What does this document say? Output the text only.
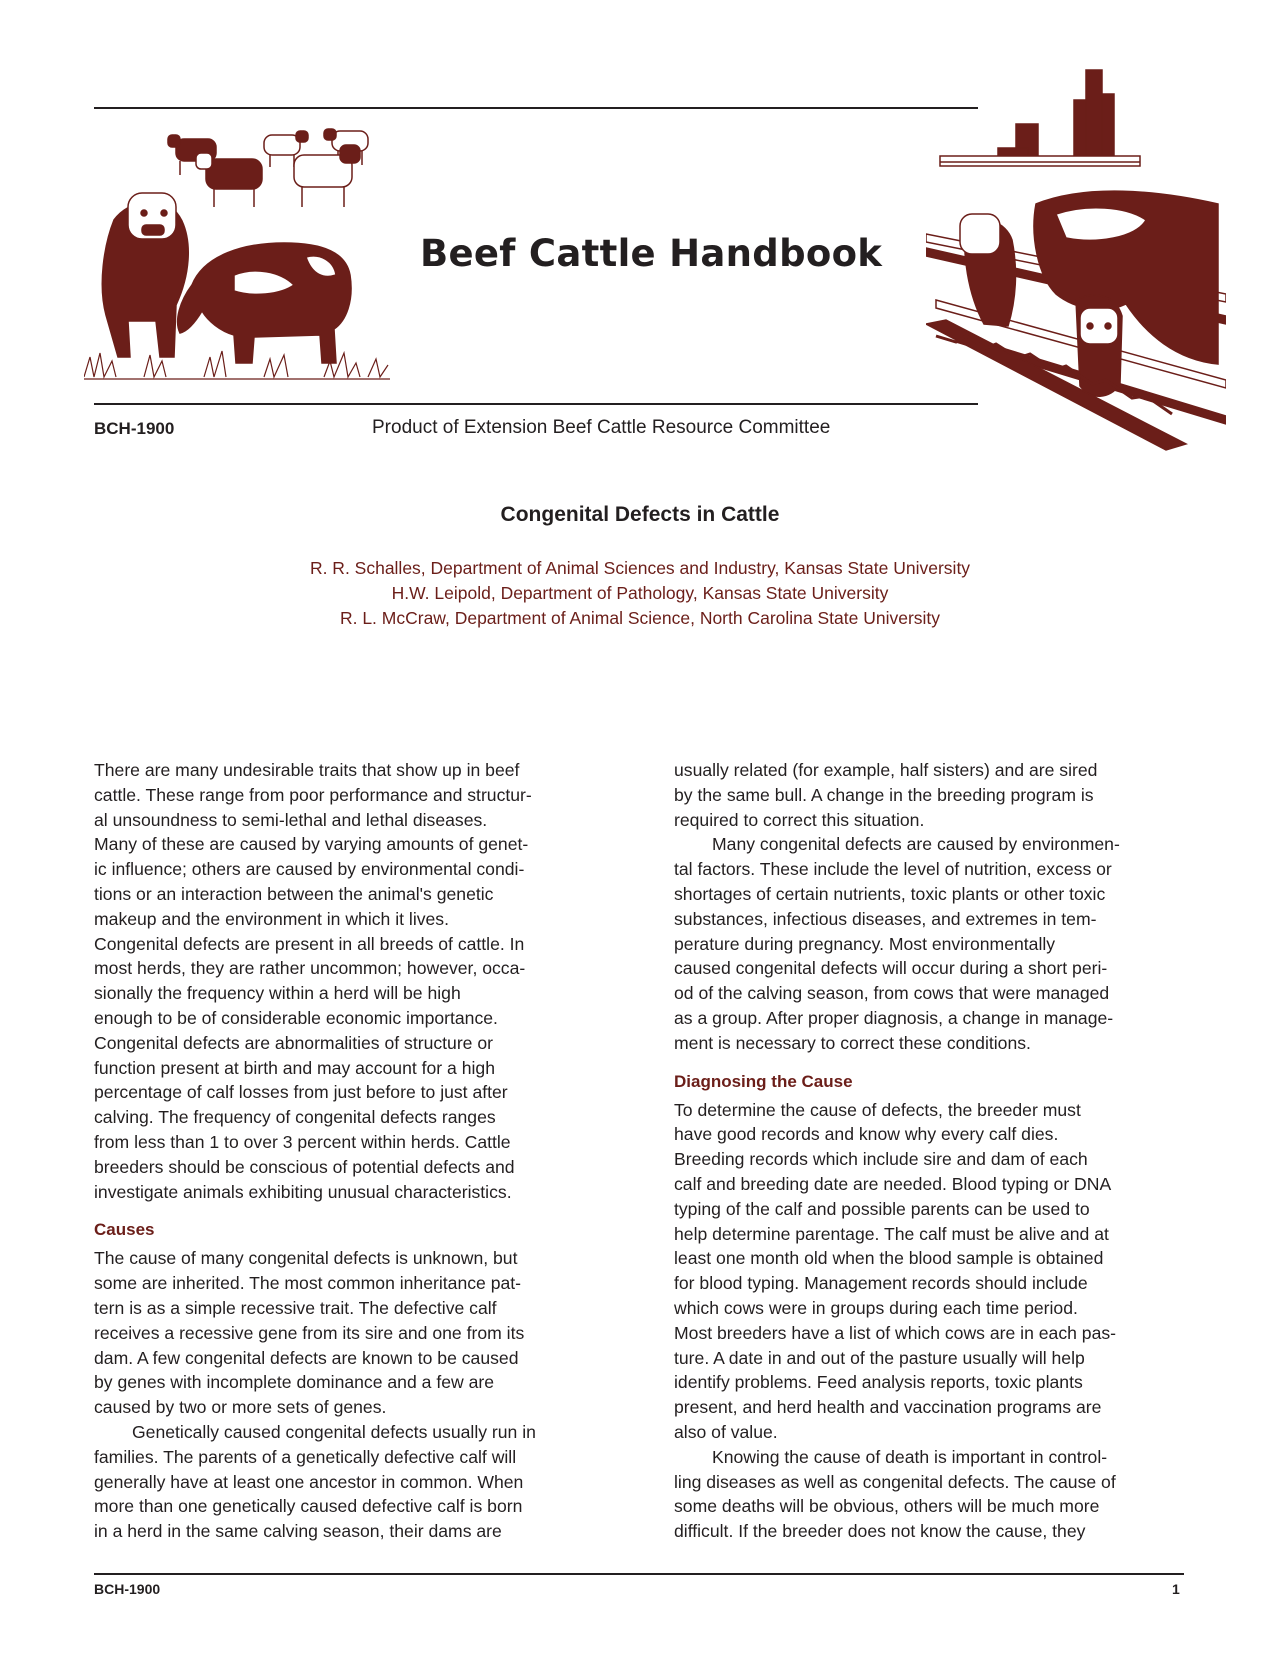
Beef Cattle Handbook
BCH-1900	Product of Extension Beef Cattle Resource Committee
Congenital Defects in Cattle
R. R. Schalles, Department of Animal Sciences and Industry, Kansas State University
H.W. Leipold, Department of Pathology, Kansas State University
R. L. McCraw, Department of Animal Science, North Carolina State University

There are many undesirable traits that show up in beef
cattle. These range from poor performance and structur-
al unsoundness to semi-lethal and lethal diseases.
Many of these are caused by varying amounts of genet-
ic influence; others are caused by environmental condi-
tions or an interaction between the animal's genetic
makeup and the environment in which it lives.
Congenital defects are present in all breeds of cattle. In
most herds, they are rather uncommon; however, occa-
sionally the frequency within a herd will be high
enough to be of considerable economic importance.
Congenital defects are abnormalities of structure or
function present at birth and may account for a high
percentage of calf losses from just before to just after
calving. The frequency of congenital defects ranges
from less than 1 to over 3 percent within herds. Cattle
breeders should be conscious of potential defects and
investigate animals exhibiting unusual characteristics.

Causes

The cause of many congenital defects is unknown, but
some are inherited. The most common inheritance pat-
tern is as a simple recessive trait. The defective calf
receives a recessive gene from its sire and one from its
dam. A few congenital defects are known to be caused
by genes with incomplete dominance and a few are
caused by two or more sets of genes.

Genetically caused congenital defects usually run in
families. The parents of a genetically defective calf will
generally have at least one ancestor in common. When
more than one genetically caused defective calf is born
in a herd in the same calving season, their dams are

usually related (for example, half sisters) and are sired
by the same bull. A change in the breeding program is
required to correct this situation.

Many congenital defects are caused by environmen-
tal factors. These include the level of nutrition, excess or
shortages of certain nutrients, toxic plants or other toxic
substances, infectious diseases, and extremes in tem-
perature during pregnancy. Most environmentally
caused congenital defects will occur during a short peri-
od of the calving season, from cows that were managed
as a group. After proper diagnosis, a change in manage-
ment is necessary to correct these conditions.

Diagnosing the Cause

To determine the cause of defects, the breeder must
have good records and know why every calf dies.
Breeding records which include sire and dam of each
calf and breeding date are needed. Blood typing or DNA
typing of the calf and possible parents can be used to
help determine parentage. The calf must be alive and at
least one month old when the blood sample is obtained
for blood typing. Management records should include
which cows were in groups during each time period.
Most breeders have a list of which cows are in each pas-
ture. A date in and out of the pasture usually will help
identify problems. Feed analysis reports, toxic plants
present, and herd health and vaccination programs are
also of value.

Knowing the cause of death is important in control-
ling diseases as well as congenital defects. The cause of
some deaths will be obvious, others will be much more
difficult. If the breeder does not know the cause, they

BCH-1900	1
